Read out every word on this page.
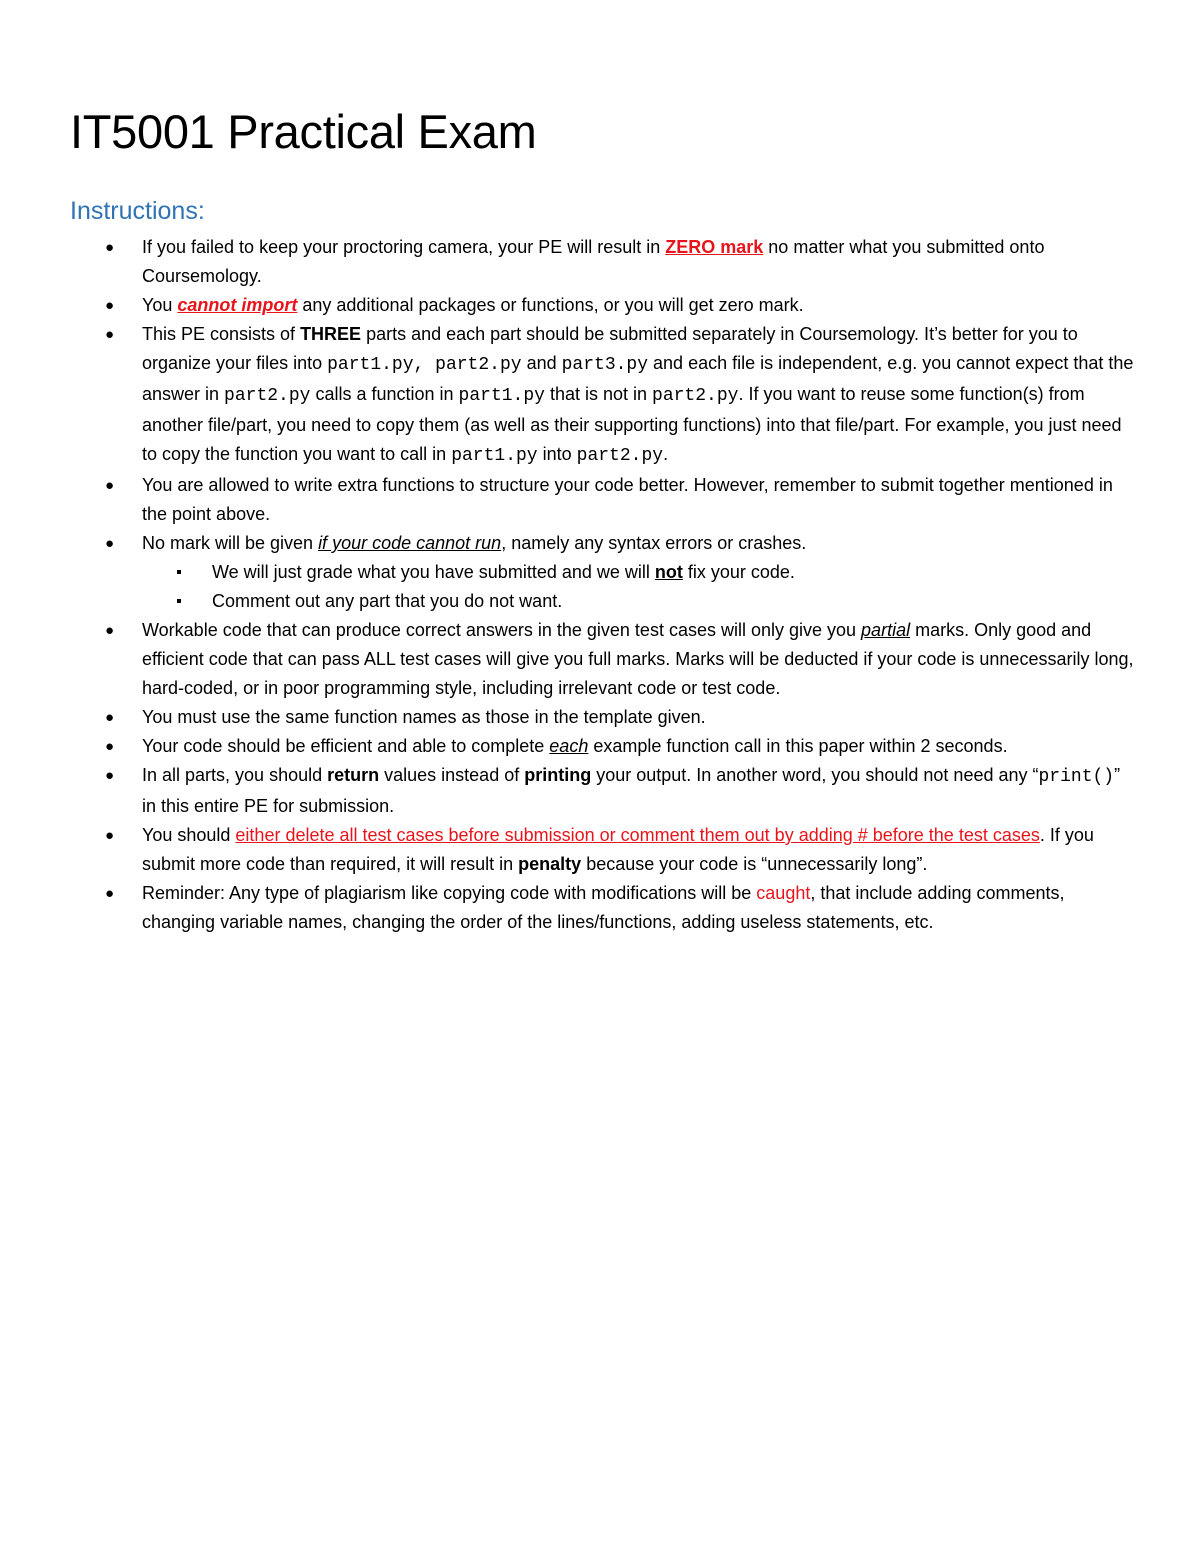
IT5001 Practical Exam
Instructions:
● If you failed to keep your proctoring camera, your PE will result in ZERO mark no matter what you submitted onto Coursemology.
● You cannot import any additional packages or functions, or you will get zero mark.
● This PE consists of THREE parts and each part should be submitted separately in Coursemology. It’s better for you to organize your files into part1.py, part2.py and part3.py and each file is independent, e.g. you cannot expect that the answer in part2.py calls a function in part1.py that is not in part2.py. If you want to reuse some function(s) from another file/part, you need to copy them (as well as their supporting functions) into that file/part. For example, you just need to copy the function you want to call in part1.py into part2.py.
● You are allowed to write extra functions to structure your code better. However, remember to submit together mentioned in the point above.
● No mark will be given if your code cannot run, namely any syntax errors or crashes.
We will just grade what you have submitted and we will not fix your code.
Comment out any part that you do not want.
● Workable code that can produce correct answers in the given test cases will only give you partial marks. Only good and efficient code that can pass ALL test cases will give you full marks. Marks will be deducted if your code is unnecessarily long, hard-coded, or in poor programming style, including irrelevant code or test code.
● You must use the same function names as those in the template given.
● Your code should be efficient and able to complete each example function call in this paper within 2 seconds.
● In all parts, you should return values instead of printing your output. In another word, you should not need any “print()” in this entire PE for submission.
● You should either delete all test cases before submission or comment them out by adding # before the test cases. If you submit more code than required, it will result in penalty because your code is “unnecessarily long”.
● Reminder: Any type of plagiarism like copying code with modifications will be caught, that include adding comments, changing variable names, changing the order of the lines/functions, adding useless statements, etc.
